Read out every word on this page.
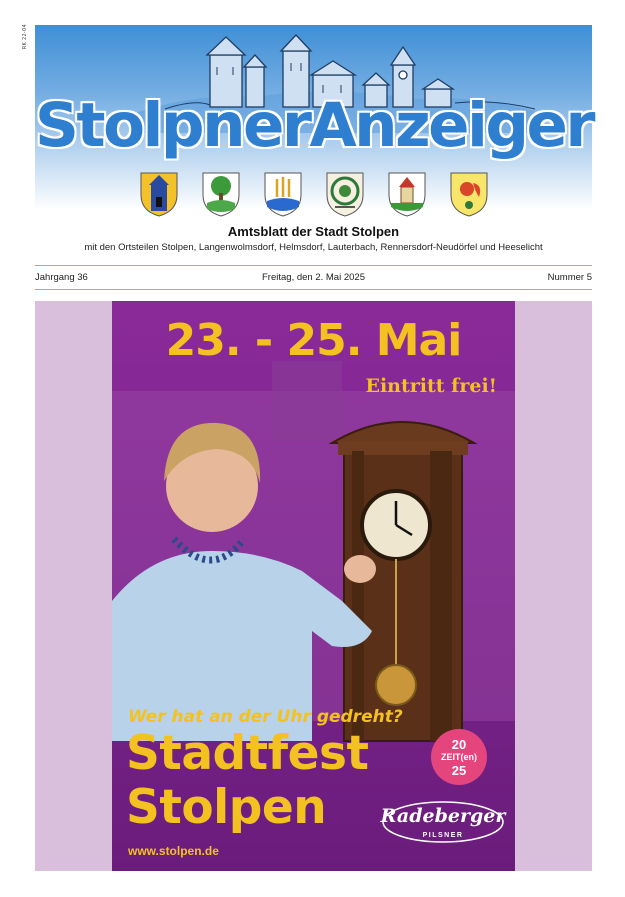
RK 22-04
StolpnerAnzeiger
Amtsblatt der Stadt Stolpen
mit den Ortsteilen Stolpen, Langenwolmsdorf, Helmsdorf, Lauterbach, Rennersdorf-Neudörfel und Heeselicht
Jahrgang 36	Freitag, den 2. Mai 2025	Nummer 5
23. - 25. Mai
Eintritt frei!
Wer hat an der Uhr gedreht?
Stadtfest
Stolpen
www.stolpen.de
20
ZEIT(en)
25
Radeberger
PILSNER
